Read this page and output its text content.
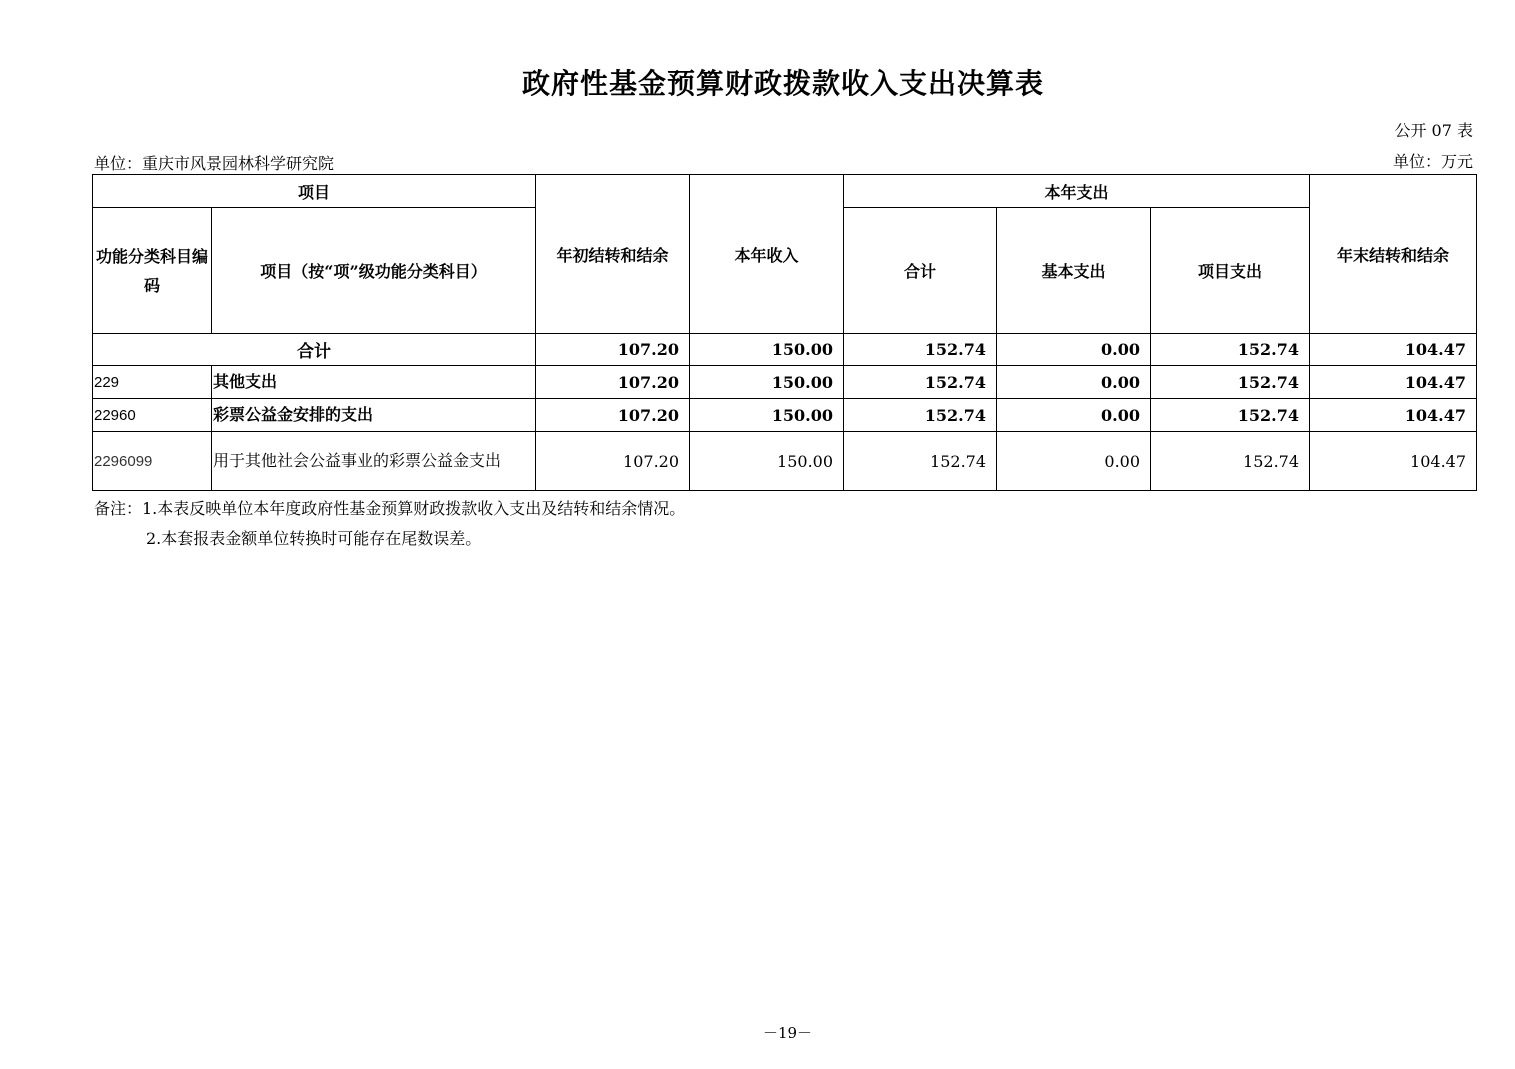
政府性基金预算财政拨款收入支出决算表
公开 07 表
单位：重庆市风景园林科学研究院	单位：万元
项目		年初结转和结余	本年收入	本年支出			年末结转和结余
功能分类科目编码	项目（按“项”级功能分类科目）			合计	基本支出	项目支出	
合计		107.20	150.00	152.74	0.00	152.74	104.47
229	其他支出	107.20	150.00	152.74	0.00	152.74	104.47
22960	彩票公益金安排的支出	107.20	150.00	152.74	0.00	152.74	104.47
2296099	用于其他社会公益事业的彩票公益金支出	107.20	150.00	152.74	0.00	152.74	104.47
备注：1.本表反映单位本年度政府性基金预算财政拨款收入支出及结转和结余情况。
2.本套报表金额单位转换时可能存在尾数误差。
－19－
